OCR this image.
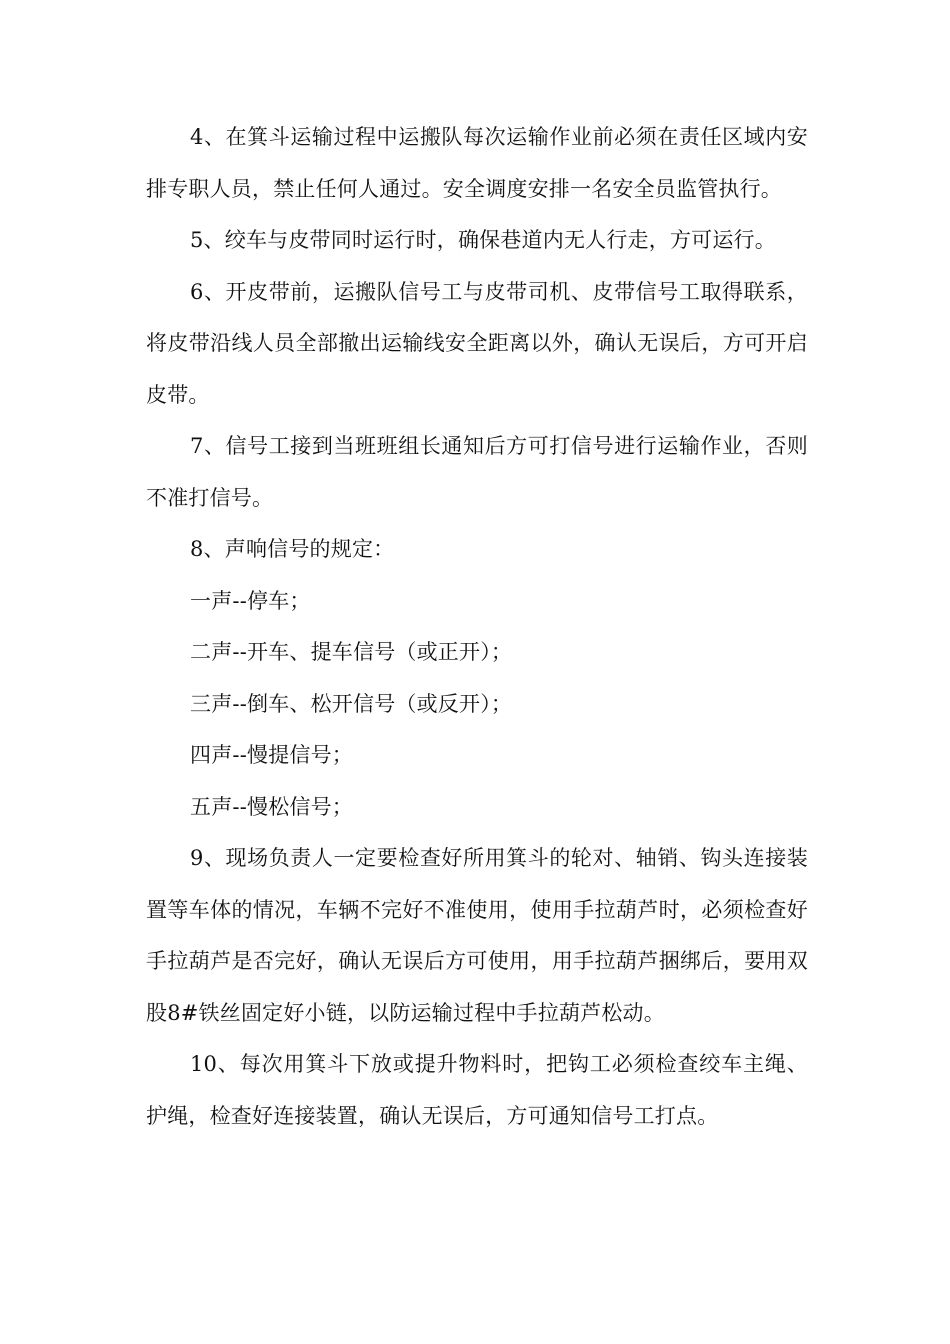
4、在箕斗运输过程中运搬队每次运输作业前必须在责任区域内安排专职人员，禁止任何人通过。安全调度安排一名安全员监管执行。

5、绞车与皮带同时运行时，确保巷道内无人行走，方可运行。

6、开皮带前，运搬队信号工与皮带司机、皮带信号工取得联系，将皮带沿线人员全部撤出运输线安全距离以外，确认无误后，方可开启皮带。

7、信号工接到当班班组长通知后方可打信号进行运输作业，否则不准打信号。

8、声响信号的规定：

一声--停车；

二声--开车、提车信号（或正开）；

三声--倒车、松开信号（或反开）；

四声--慢提信号；

五声--慢松信号；

9、现场负责人一定要检查好所用箕斗的轮对、轴销、钩头连接装置等车体的情况，车辆不完好不准使用，使用手拉葫芦时，必须检查好手拉葫芦是否完好，确认无误后方可使用，用手拉葫芦捆绑后，要用双股8#铁丝固定好小链，以防运输过程中手拉葫芦松动。

10、每次用箕斗下放或提升物料时，把钩工必须检查绞车主绳、护绳，检查好连接装置，确认无误后，方可通知信号工打点。
